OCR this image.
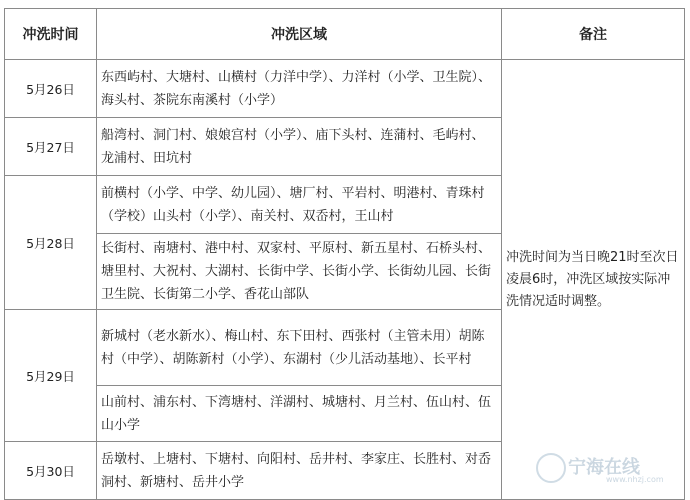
冲洗时间	冲洗区域	备注
5月26日	东西屿村、大塘村、山横村（力洋中学）、力洋村（小学、卫生院）、海头村、茶院东南溪村（小学）	冲洗时间为当日晚21时至次日凌晨6时，冲洗区域按实际冲洗情况适时调整。
5月27日	船湾村、洞门村、娘娘宫村（小学）、庙下头村、连蒲村、毛屿村、龙浦村、田坑村	
5月28日	前横村（小学、中学、幼儿园）、塘厂村、平岩村、明港村、青珠村（学校）山头村（小学）、南关村、双岙村，王山村	
	长街村、南塘村、港中村、双家村、平原村、新五星村、石桥头村、塘里村、大祝村、大湖村、长街中学、长街小学、长街幼儿园、长街卫生院、长街第二小学、香花山部队	
5月29日	新城村（老水新水）、梅山村、东下田村、西张村（主管未用）胡陈村（中学）、胡陈新村（小学）、东湖村（少儿活动基地）、长平村	
	山前村、浦东村、下湾塘村、洋湖村、城塘村、月兰村、伍山村、伍山小学	
5月30日	岳墩村、上塘村、下塘村、向阳村、岳井村、李家庄、长胜村、对岙洞村、新塘村、岳井小学	
宁海在线
www.nhzj.com
